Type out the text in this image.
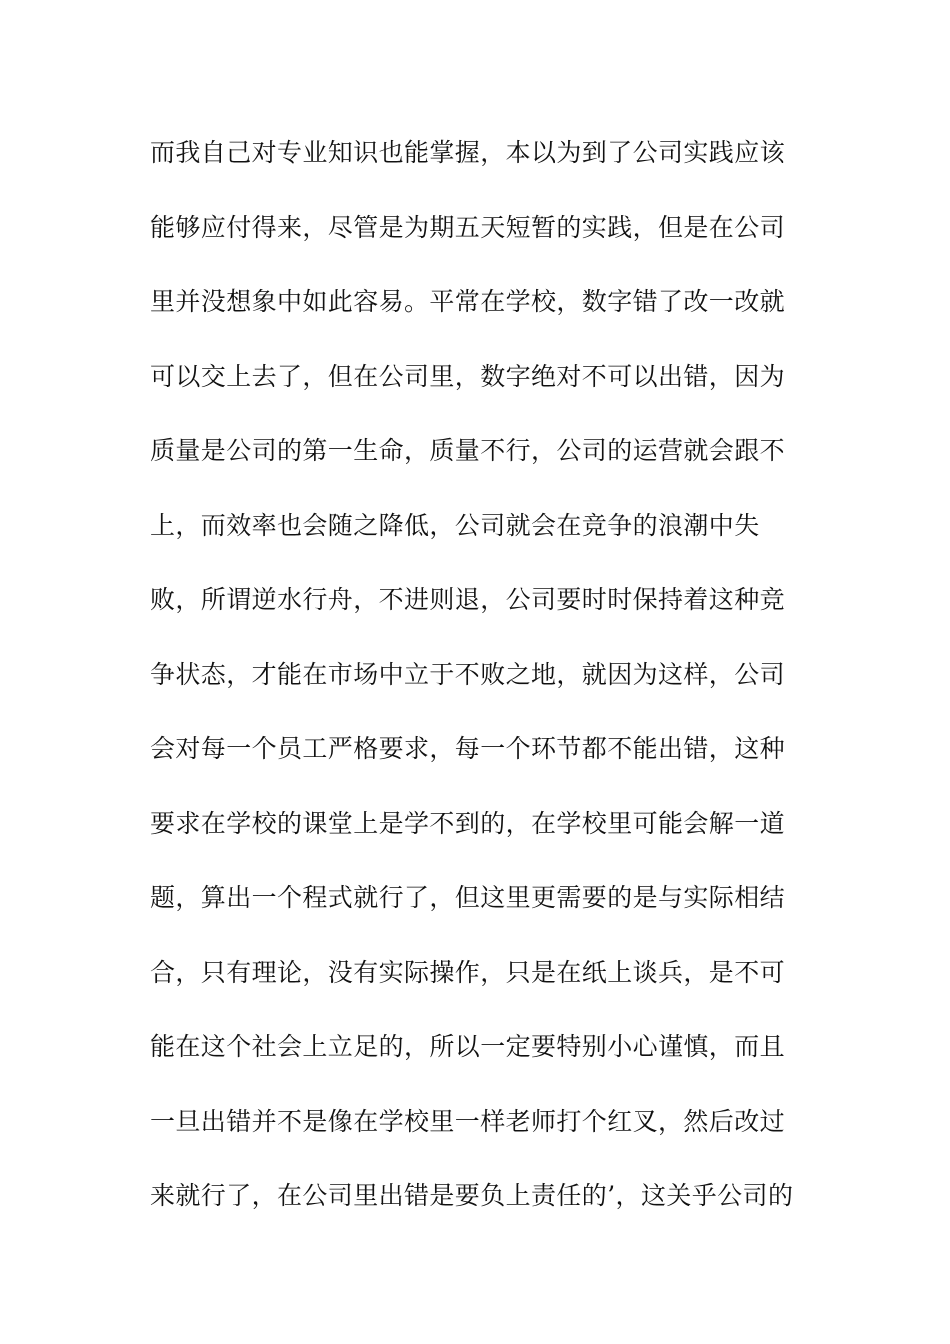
而我自己对专业知识也能掌握，本以为到了公司实践应该
能够应付得来，尽管是为期五天短暂的实践，但是在公司
里并没想象中如此容易。平常在学校，数字错了改一改就
可以交上去了，但在公司里，数字绝对不可以出错，因为
质量是公司的第一生命，质量不行，公司的运营就会跟不
上，而效率也会随之降低，公司就会在竞争的浪潮中失
败，所谓逆水行舟，不进则退，公司要时时保持着这种竞
争状态，才能在市场中立于不败之地，就因为这样，公司
会对每一个员工严格要求，每一个环节都不能出错，这种
要求在学校的课堂上是学不到的，在学校里可能会解一道
题，算出一个程式就行了，但这里更需要的是与实际相结
合，只有理论，没有实际操作，只是在纸上谈兵，是不可
能在这个社会上立足的，所以一定要特别小心谨慎，而且
一旦出错并不是像在学校里一样老师打个红叉，然后改过
来就行了，在公司里出错是要负上责任的’，这关乎公司的
